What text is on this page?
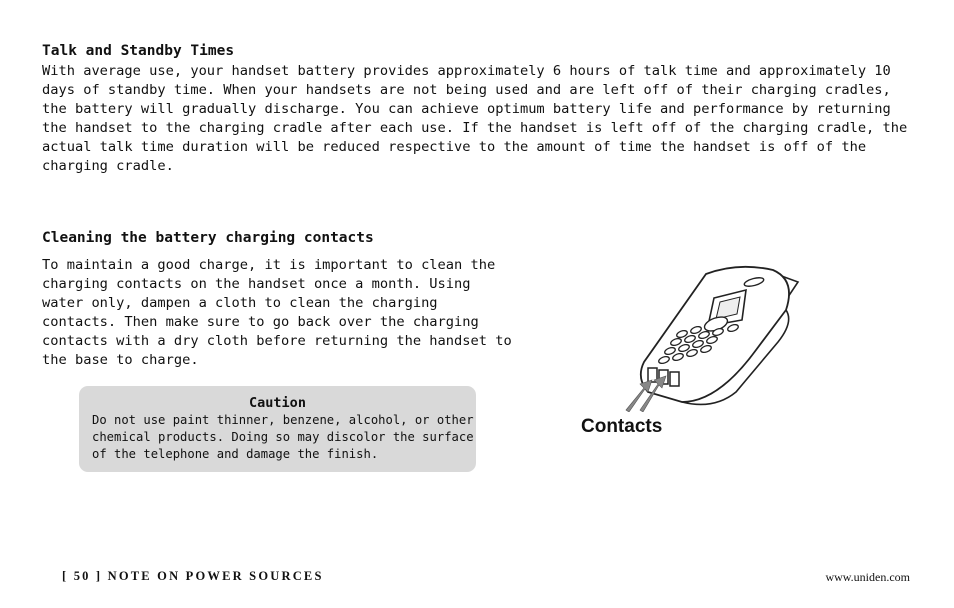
Talk and Standby Times

With average use, your handset battery provides approximately 6 hours of talk time and approximately 10
days of standby time. When your handsets are not being used and are left off of their charging cradles,
the battery will gradually discharge. You can achieve optimum battery life and performance by returning
the handset to the charging cradle after each use. If the handset is left off of the charging cradle, the
actual talk time duration will be reduced respective to the amount of time the handset is off of the
charging cradle.

Cleaning the battery charging contacts

To maintain a good charge, it is important to clean the
charging contacts on the handset once a month. Using
water only, dampen a cloth to clean the charging
contacts. Then make sure to go back over the charging
contacts with a dry cloth before returning the handset to
the base to charge.

Caution
Do not use paint thinner, benzene, alcohol, or other
chemical products. Doing so may discolor the surface
of the telephone and damage the finish.
Contacts
[ 50 ] NOTE ON POWER SOURCES	www.uniden.com
